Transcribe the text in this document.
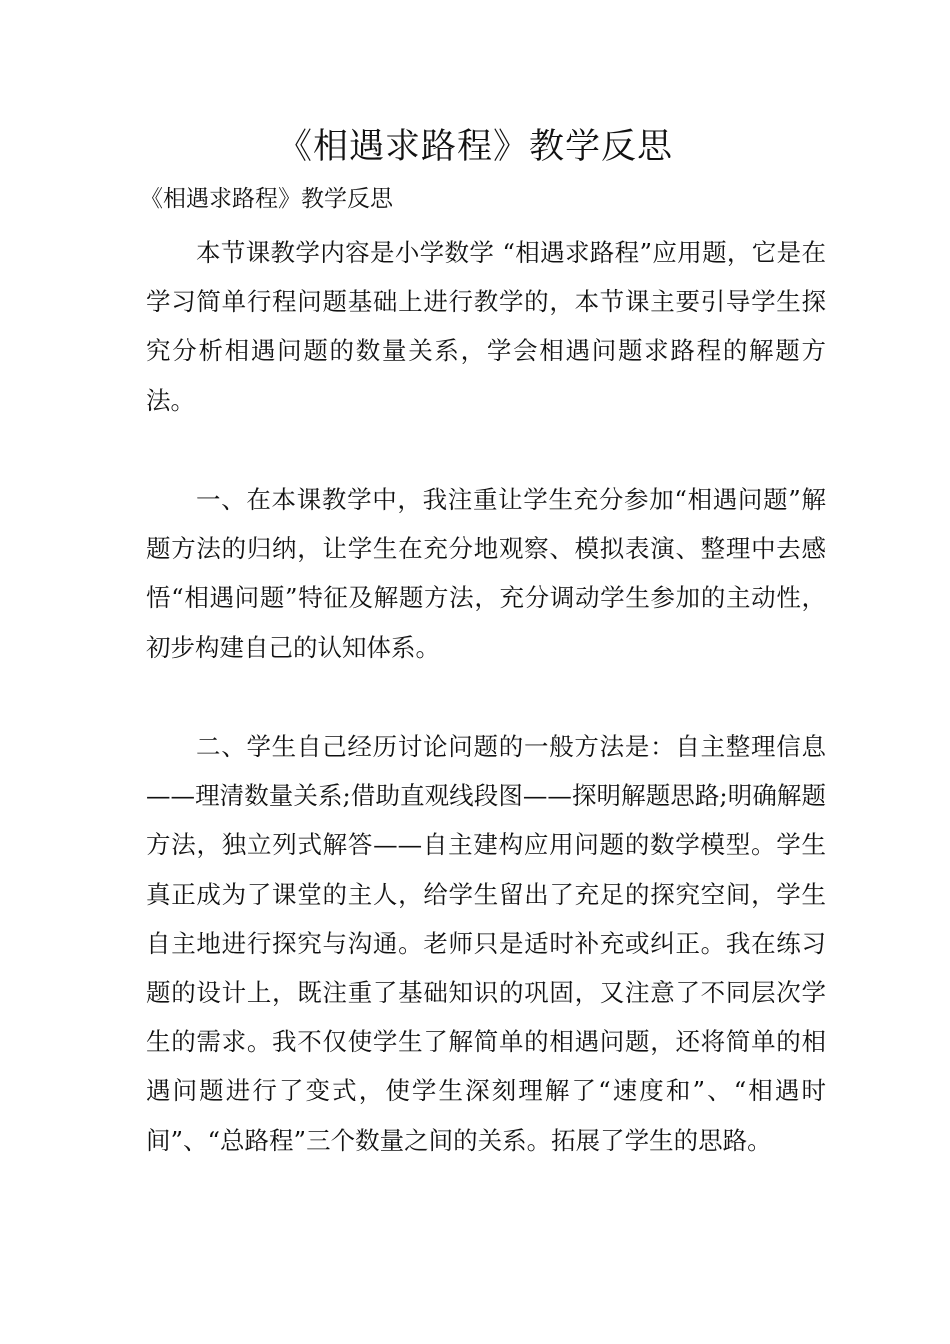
《相遇求路程》教学反思
《相遇求路程》教学反思

本节课教学内容是小学数学 “相遇求路程”应用题，它是在学习简单行程问题基础上进行教学的，本节课主要引导学生探究分析相遇问题的数量关系，学会相遇问题求路程的解题方法。

一、在本课教学中，我注重让学生充分参加“相遇问题”解题方法的归纳，让学生在充分地观察、模拟表演、整理中去感悟“相遇问题”特征及解题方法，充分调动学生参加的主动性，初步构建自己的认知体系。

二、学生自己经历讨论问题的一般方法是：自主整理信息——理清数量关系;借助直观线段图——探明解题思路;明确解题方法，独立列式解答——自主建构应用问题的数学模型。学生真正成为了课堂的主人，给学生留出了充足的探究空间，学生自主地进行探究与沟通。老师只是适时补充或纠正。我在练习题的设计上，既注重了基础知识的巩固，又注意了不同层次学生的需求。我不仅使学生了解简单的相遇问题，还将简单的相遇问题进行了变式，使学生深刻理解了“速度和”、“相遇时间”、“总路程”三个数量之间的关系。拓展了学生的思路。
